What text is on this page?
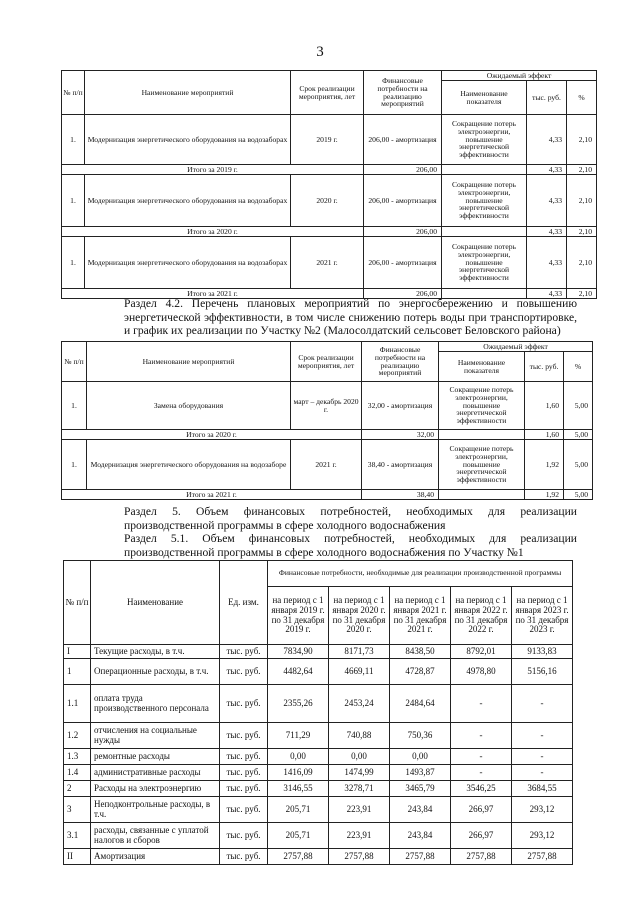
3
№ п/п	Наименование мероприятий	Срок реализации мероприятия, лет	Финансовые потребности на реализацию мероприятий	Ожидаемый эффект		
				Наименование показателя	тыс. руб.	%
1.	Модернизация энергетического оборудования на водозаборах	2019 г.	206,00 - амортизация	Сокращение потерь электроэнергии, повышение энергетической эффективности	4,33	2,10
Итого за 2019 г.			206,00		4,33	2,10
1.	Модернизация энергетического оборудования на водозаборах	2020 г.	206,00 - амортизация	Сокращение потерь электроэнергии, повышение энергетической эффективности	4,33	2,10
Итого за 2020 г.			206,00		4,33	2,10
1.	Модернизация энергетического оборудования на водозаборах	2021 г.	206,00 - амортизация	Сокращение потерь электроэнергии, повышение энергетической эффективности	4,33	2,10
Итого за 2021 г.			206,00		4,33	2,10
Раздел 4.2. Перечень плановых мероприятий по энергосбережению и повышению энергетической эффективности, в том числе снижению потерь воды при транспортировке, и график их реализации по Участку №2 (Малосолдатский сельсовет Беловского района)
№ п/п	Наименование мероприятий	Срок реализации мероприятия, лет	Финансовые потребности на реализацию мероприятий	Ожидаемый эффект		
				Наименование показателя	тыс. руб.	%
1.	Замена оборудования	март – декабрь 2020 г.	32,00 - амортизация	Сокращение потерь электроэнергии, повышение энергетической эффективности	1,60	5,00
Итого за 2020 г.			32,00		1,60	5,00
1.	Модернизация энергетического оборудования на водозаборе	2021 г.	38,40 - амортизация	Сокращение потерь электроэнергии, повышение энергетической эффективности	1,92	5,00
Итого за 2021 г.			38,40		1,92	5,00
Раздел 5. Объем финансовых потребностей, необходимых для реализации производственной программы в сфере холодного водоснабжения
Раздел 5.1. Объем финансовых потребностей, необходимых для реализации производственной программы в сфере холодного водоснабжения по Участку №1
№ п/п	Наименование	Ед. изм.	Финансовые потребности, необходимые для реализации производственной программы				
			на период с 1 января 2019 г. по 31 декабря 2019 г.	на период с 1 января 2020 г. по 31 декабря 2020 г.	на период с 1 января 2021 г. по 31 декабря 2021 г.	на период с 1 января 2022 г. по 31 декабря 2022 г.	на период с 1 января 2023 г. по 31 декабря 2023 г.
I	Текущие расходы, в т.ч.	тыс. руб.	7834,90	8171,73	8438,50	8792,01	9133,83
1	Операционные расходы, в т.ч.	тыс. руб.	4482,64	4669,11	4728,87	4978,80	5156,16
1.1	оплата труда производственного персонала	тыс. руб.	2355,26	2453,24	2484,64	-	-
1.2	отчисления на социальные нужды	тыс. руб.	711,29	740,88	750,36	-	-
1.3	ремонтные расходы	тыс. руб.	0,00	0,00	0,00	-	-
1.4	административные расходы	тыс. руб.	1416,09	1474,99	1493,87	-	-
2	Расходы на электроэнергию	тыс. руб.	3146,55	3278,71	3465,79	3546,25	3684,55
3	Неподконтрольные расходы, в т.ч.	тыс. руб.	205,71	223,91	243,84	266,97	293,12
3.1	расходы, связанные с уплатой налогов и сборов	тыс. руб.	205,71	223,91	243,84	266,97	293,12
II	Амортизация	тыс. руб.	2757,88	2757,88	2757,88	2757,88	2757,88
